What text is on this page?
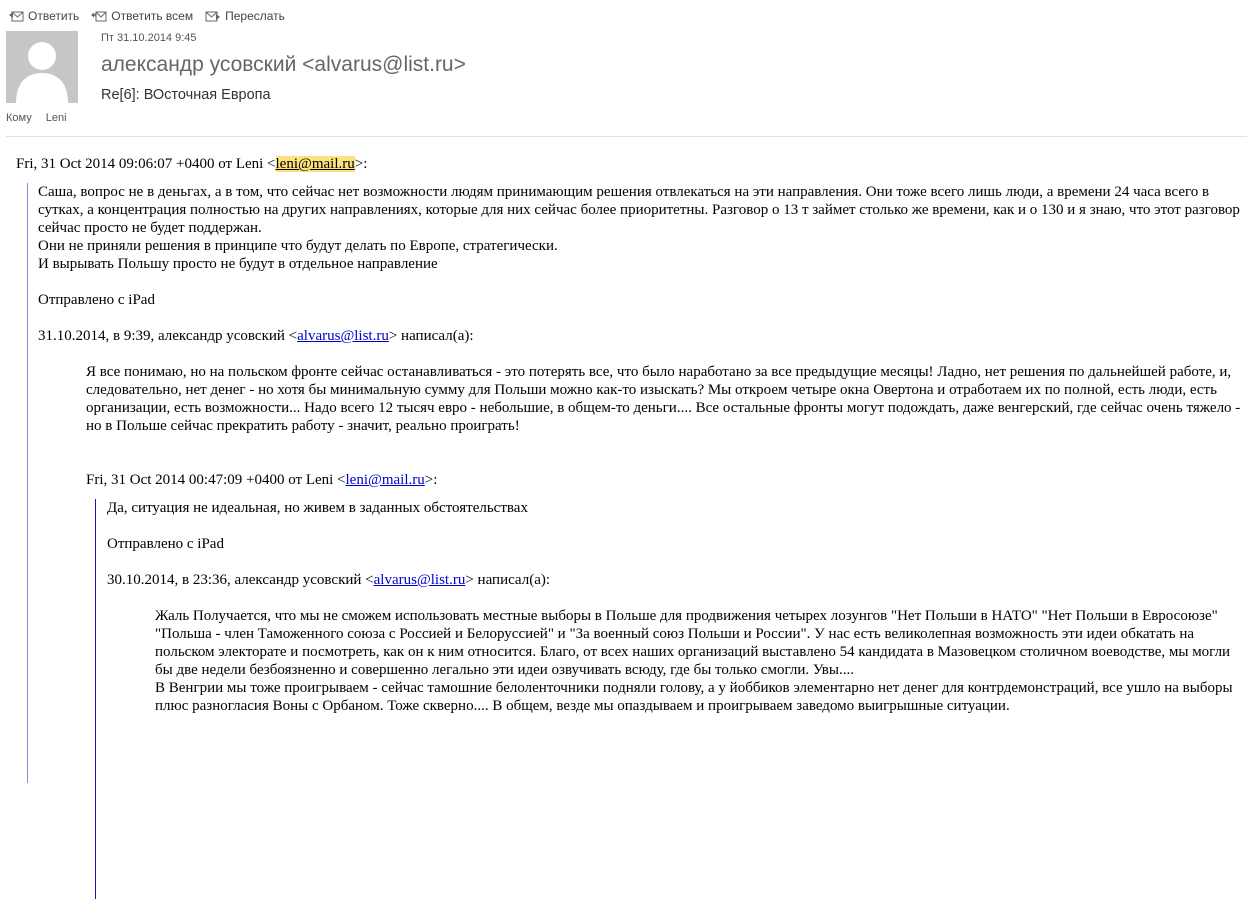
Ответить	Ответить всем	Переслать
Пт 31.10.2014 9:45
александр усовский <alvarus@list.ru>
Re[6]: ВОсточная Европа
Кому Leni

Fri, 31 Oct 2014 09:06:07 +0400 от Leni <leni@mail.ru>:

Саша, вопрос не в деньгах, а в том, что сейчас нет возможности людям принимающим решения отвлекаться на эти направления. Они тоже всего лишь люди, а времени 24 часа всего в сутках, а концентрация полностью на других направлениях, которые для них сейчас более приоритетны. Разговор о 13 т займет столько же времени, как и о 130 и я знаю, что этот разговор сейчас просто не будет поддержан.

Они не приняли решения в принципе что будут делать по Европе, стратегически.

И вырывать Польшу просто не будут в отдельное направление

Отправлено с iPad

31.10.2014, в 9:39, александр усовский <alvarus@list.ru> написал(а):

Я все понимаю, но на польском фронте сейчас останавливаться - это потерять все, что было наработано за все предыдущие месяцы! Ладно, нет решения по дальнейшей работе, и, следовательно, нет денег - но хотя бы минимальную сумму для Польши можно как-то изыскать? Мы откроем четыре окна Овертона и отработаем их по полной, есть люди, есть организации, есть возможности... Надо всего 12 тысяч евро - небольшие, в общем-то деньги.... Все остальные фронты могут подождать, даже венгерский, где сейчас очень тяжело - но в Польше сейчас прекратить работу - значит, реально проиграть!

Fri, 31 Oct 2014 00:47:09 +0400 от Leni <leni@mail.ru>:

Да, ситуация не идеальная, но живем в заданных обстоятельствах

Отправлено с iPad

30.10.2014, в 23:36, александр усовский <alvarus@list.ru> написал(а):

Жаль Получается, что мы не сможем использовать местные выборы в Польше для продвижения четырех лозунгов "Нет Польши в НАТО" "Нет Польши в Евросоюзе" "Польша - член Таможенного союза с Россией и Белоруссией" и "За военный союз Польши и России". У нас есть великолепная возможность эти идеи обкатать на польском электорате и посмотреть, как он к ним относится. Благо, от всех наших организаций выставлено 54 кандидата в Мазовецком столичном воеводстве, мы могли бы две недели безбоязненно и совершенно легально эти идеи озвучивать всюду, где бы только смогли. Увы....

В Венгрии мы тоже проигрываем - сейчас тамошние белоленточники подняли голову, а у йоббиков элементарно нет денег для контрдемонстраций, все ушло на выборы плюс разногласия Воны с Орбаном. Тоже скверно.... В общем, везде мы опаздываем и проигрываем заведомо выигрышные ситуации.
